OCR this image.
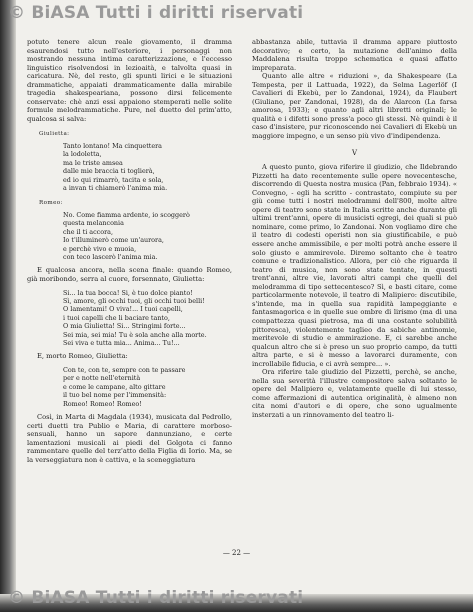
© BiASA Tutti i diritti riservati

potuto tenere alcun reale giovamento, il dramma esaurendosi tutto nell'esteriore, i personaggi non mostrando nessuna intima caratterizzazione, e l'eccesso linguistico risolvendosi in lezioaità, e talvolta quasi in caricatura. Nè, del resto, gli spunti lirici e le situazioni drammatiche, appaiati drammaticamente dalla mirabile tragedia shakespeariana, possono dirsi felicemente conservate: chè anzi essi appaiono stemperati nelle solite formule melodrammatiche. Pure, nel duetto del prim'atto, qualcosa si salva:

Giulietta:
Tanto lontano! Ma cinquettera
la lodoletta,
ma le triste amsea
dalle mie braccia ti toglierà,
ed io qui rimarrò, tacita e sola,
a invan ti chiamerò l'anima mia.
Romeo:
No. Come fiamma ardente, io scoggerò
questa melanconia
che il ti accora,
Io t'illuminerò come un'aurora,
e perchè vivo e muoia,
con teco lascerò l'anima mia.

E qualcosa ancora, nella scena finale: quando Romeo, già moribondo, serra al cuore, forsennato, Giulietta:

Si... la tua bocca! Si, è tuo dolce pianto!
Sì, amore, gli occhi tuoi, gli occhi tuoi belli!
O lamentami! O viva!... I tuoi capelli,
i tuoi capelli che li baciare tanto,
O mia Giulietta! Si... Stringimi forte...
Sei mia, sei mia! Tu è sola anche alla morte.
Sei viva e tutta mia... Anima... Tu!...

E, morto Romeo, Giulietta:

Con te, con te, sempre con te passare
per e notte nell'eternità
e come le campane, alto gittare
il tuo bel nome per l'immensità:
Romeo! Romeo! Romeo!

Così, in Marta di Magdala (1934), musicata dal Pedrollo, certi duetti tra Publio e Maria, di carattere morboso-sensuali, hanno un sapore dannunziano, e certe lamentazioni musicali ai piedi del Golgota ci fanno rammentare quelle del terz'atto della Figlia di Iorio. Ma, se la verseggiatura non è cattiva, e la sceneggiatura

abbastanza abile, tuttavia il dramma appare piuttosto decorativo; e certo, la mutazione dell'animo della Maddalena risulta troppo schematica e quasi affatto impreparata.

Quanto alle altre « riduzioni », da Shakespeare (La Tempesta, per il Lattuada, 1922), da Selma Lagerlöf (I Cavalieri di Ekebù, per lo Zandonai, 1924), da Flaubert (Giuliano, per Zandonai, 1928), da de Alarcon (La farsa amorosa, 1933); e quanto agli altri libretti originali; le qualità e i difetti sono press'a poco gli stessi. Nè quindi è il caso d'insistere, pur riconoscendo nei Cavalieri di Ekebù un maggiore impegno, e un senso più vivo d'indipendenza.

V

A questo punto, giova riferire il giudizio, che Ildebrando Pizzetti ha dato recentemente sulle opere novecentesche, discorrendo di Questa nostra musica (Pan, febbraio 1934). « Convegno, - egli ha scritto - contrastato, compiute su per giù come tutti i nostri melodrammi dell'800, molte altre opere di teatro sono state in Italia scritte anche durante gli ultimi trent'anni, opere di musicisti egregi, dei quali si può nominare, come primo, lo Zandonai. Non vogliamo dire che il teatro di codesti operisti non sia giustificabile, e può essere anche ammissibile, e per molti potrà anche essere il solo giusto e ammirevole. Diremo soltanto che è teatro comune e tradizionalistico. Allora, per ciò che riguarda il teatro di musica, non sono state tentate, in questi trent'anni, altre vie, lavorati altri campi che quelli del melodramma di tipo settecentesco? Sì, e basti citare, come particolarmente notevole, il teatro di Malipiero: discutibile, s'intende, ma in quella sua rapidità lampeggiante e fantasmagorica e in quelle sue ombre di lirismo (ma di una compattezza quasi pietrosa, ma di una costante solubilità pittoresca), violentemente taglieo da sabiche antinomie, meritevole di studio e ammirazione. E, ci sarebbe anche qualcun altro che si è preso un suo proprio campo, da tutti altra parte, e si è messo a lavorarci duramente, con incrollabile fiducia, e ci avrà sempre... ».

Ora riferire tale giudizio del Pizzetti, perchè, se anche, nella sua severità l'illustre compositore salva soltanto le opere del Malipiero e, velatamente quelle di lui stesso, come affermazioni di autentica originalità, è almeno non cita nomi d'autori e di opere, che sono ugualmente insterzati a un rinnovamento del teatro li-

— 22 —
© BiASA Tutti i diritti riservati
